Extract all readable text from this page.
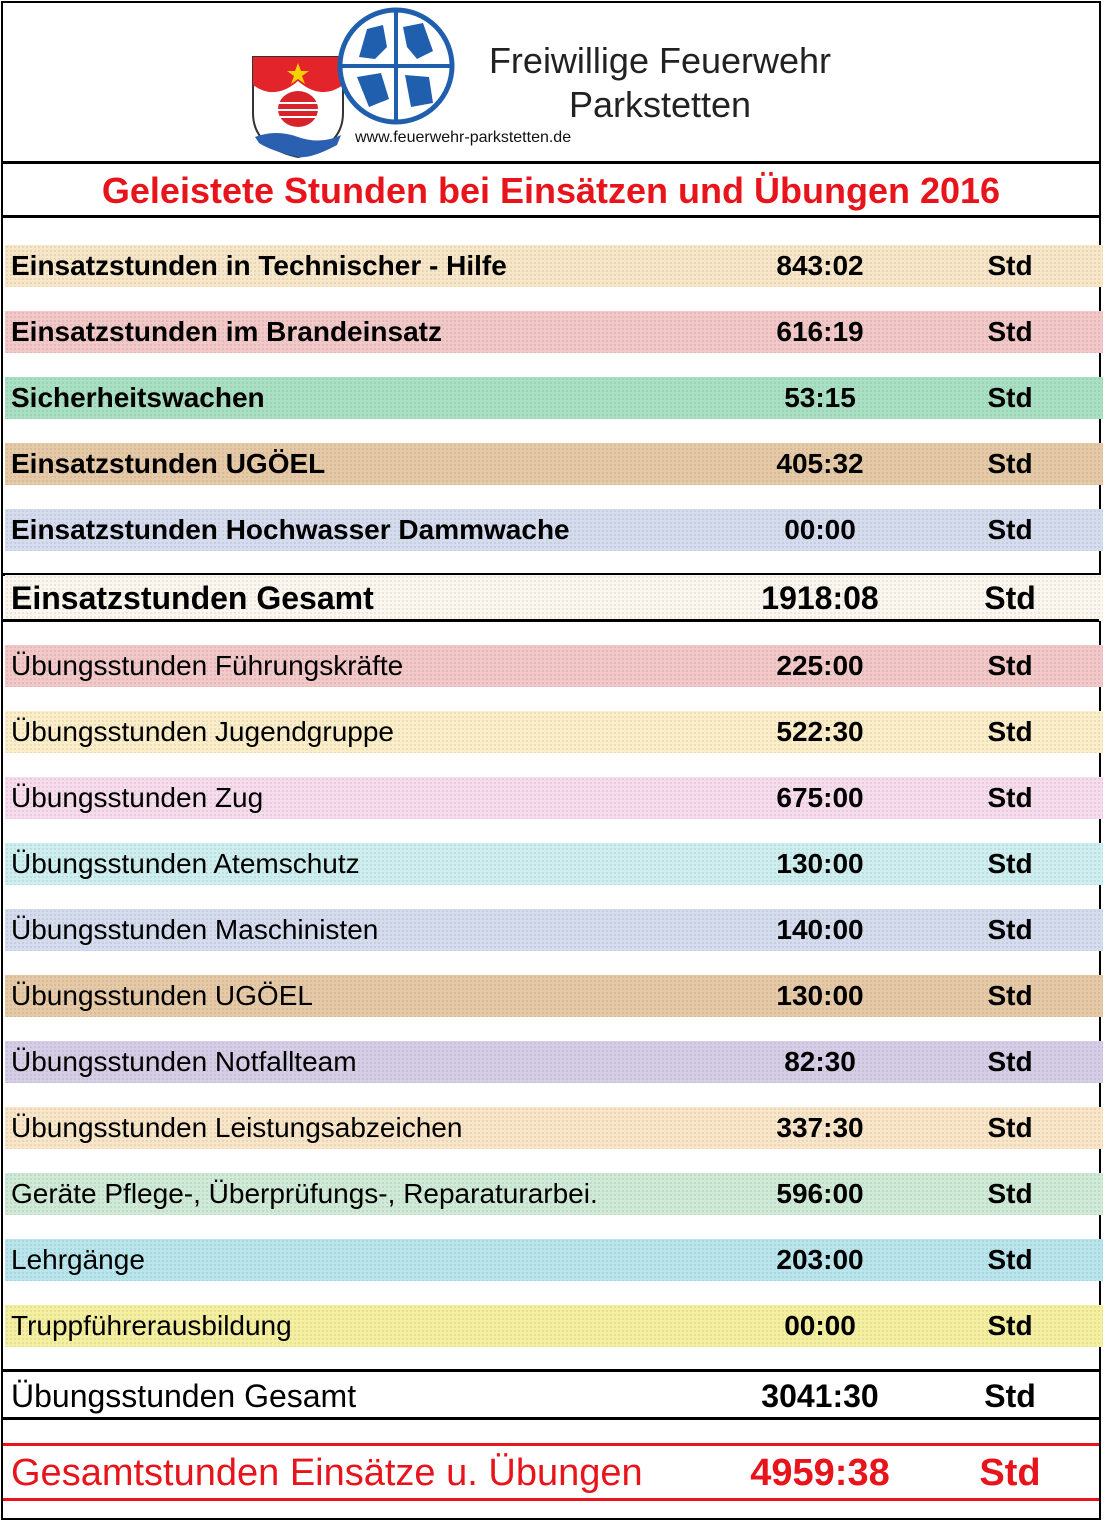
Freiwillige Feuerwehr
Parkstetten
www.feuerwehr-parkstetten.de
Geleistete Stunden bei Einsätzen und Übungen 2016
Einsatzstunden in Technischer - Hilfe	843:02	Std
Einsatzstunden im Brandeinsatz	616:19	Std
Sicherheitswachen	53:15	Std
Einsatzstunden UGÖEL	405:32	Std
Einsatzstunden Hochwasser Dammwache	00:00	Std
Einsatzstunden Gesamt	1918:08	Std
Übungsstunden Führungskräfte	225:00	Std
Übungsstunden Jugendgruppe	522:30	Std
Übungsstunden Zug	675:00	Std
Übungsstunden Atemschutz	130:00	Std
Übungsstunden Maschinisten	140:00	Std
Übungsstunden UGÖEL	130:00	Std
Übungsstunden Notfallteam	82:30	Std
Übungsstunden Leistungsabzeichen	337:30	Std
Geräte Pflege-, Überprüfungs-, Reparaturarbei.	596:00	Std
Lehrgänge	203:00	Std
Truppführerausbildung	00:00	Std
Übungsstunden Gesamt	3041:30	Std
Gesamtstunden Einsätze u. Übungen	4959:38	Std
